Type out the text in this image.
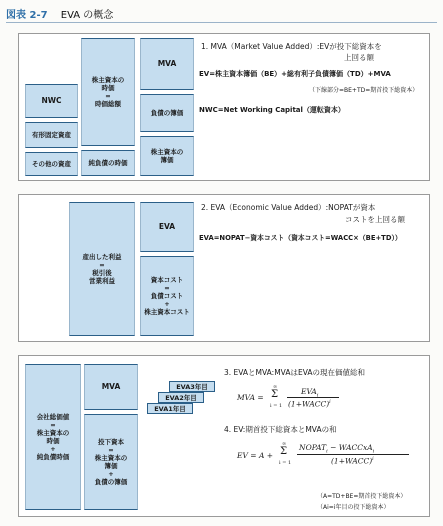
図表 2-7 EVA の概念
NWC
有形固定資産
その他の資産
株主資本の
時価
=
時価総額
純負債の時価
MVA
負債の簿価
株主資本の
簿価
1. MVA（Market Value Added）:EVが投下総資本を
上回る額
EV=株主資本簿価（BE）+総有利子負債簿価（TD）+MVA
（下線部分=BE+TD=期首投下総資本）
NWC=Net Working Capital（運転資本）
産出した利益
=
税引後
営業利益
EVA
資本コスト
=
負債コスト
+
株主資本コスト
2. EVA（Economic Value Added）:NOPATが資本
コストを上回る額
EVA=NOPAT−資本コスト（資本コスト=WACC×（BE+TD））
会社総価値
=
株主資本の
時価
+
純負債時価
MVA
投下資本
=
株主資本の
簿価
+
負債の簿価
EVA3年目
EVA2年目
EVA1年目
3. EVAとMVA:MVAはEVAの現在価値総和
MVA =
∞
Σ
i = 1
$EVA_i$
(1+WACC)$^i$
4. EV:期首投下総資本とMVAの和
EV = A +
∞
Σ
i = 1
$NOPAT_i$ − WACCxA$_i$
(1+WACC)$^i$
（A=TD+BE=期首投下総資本）
（Ai=i年目の投下総資本）
